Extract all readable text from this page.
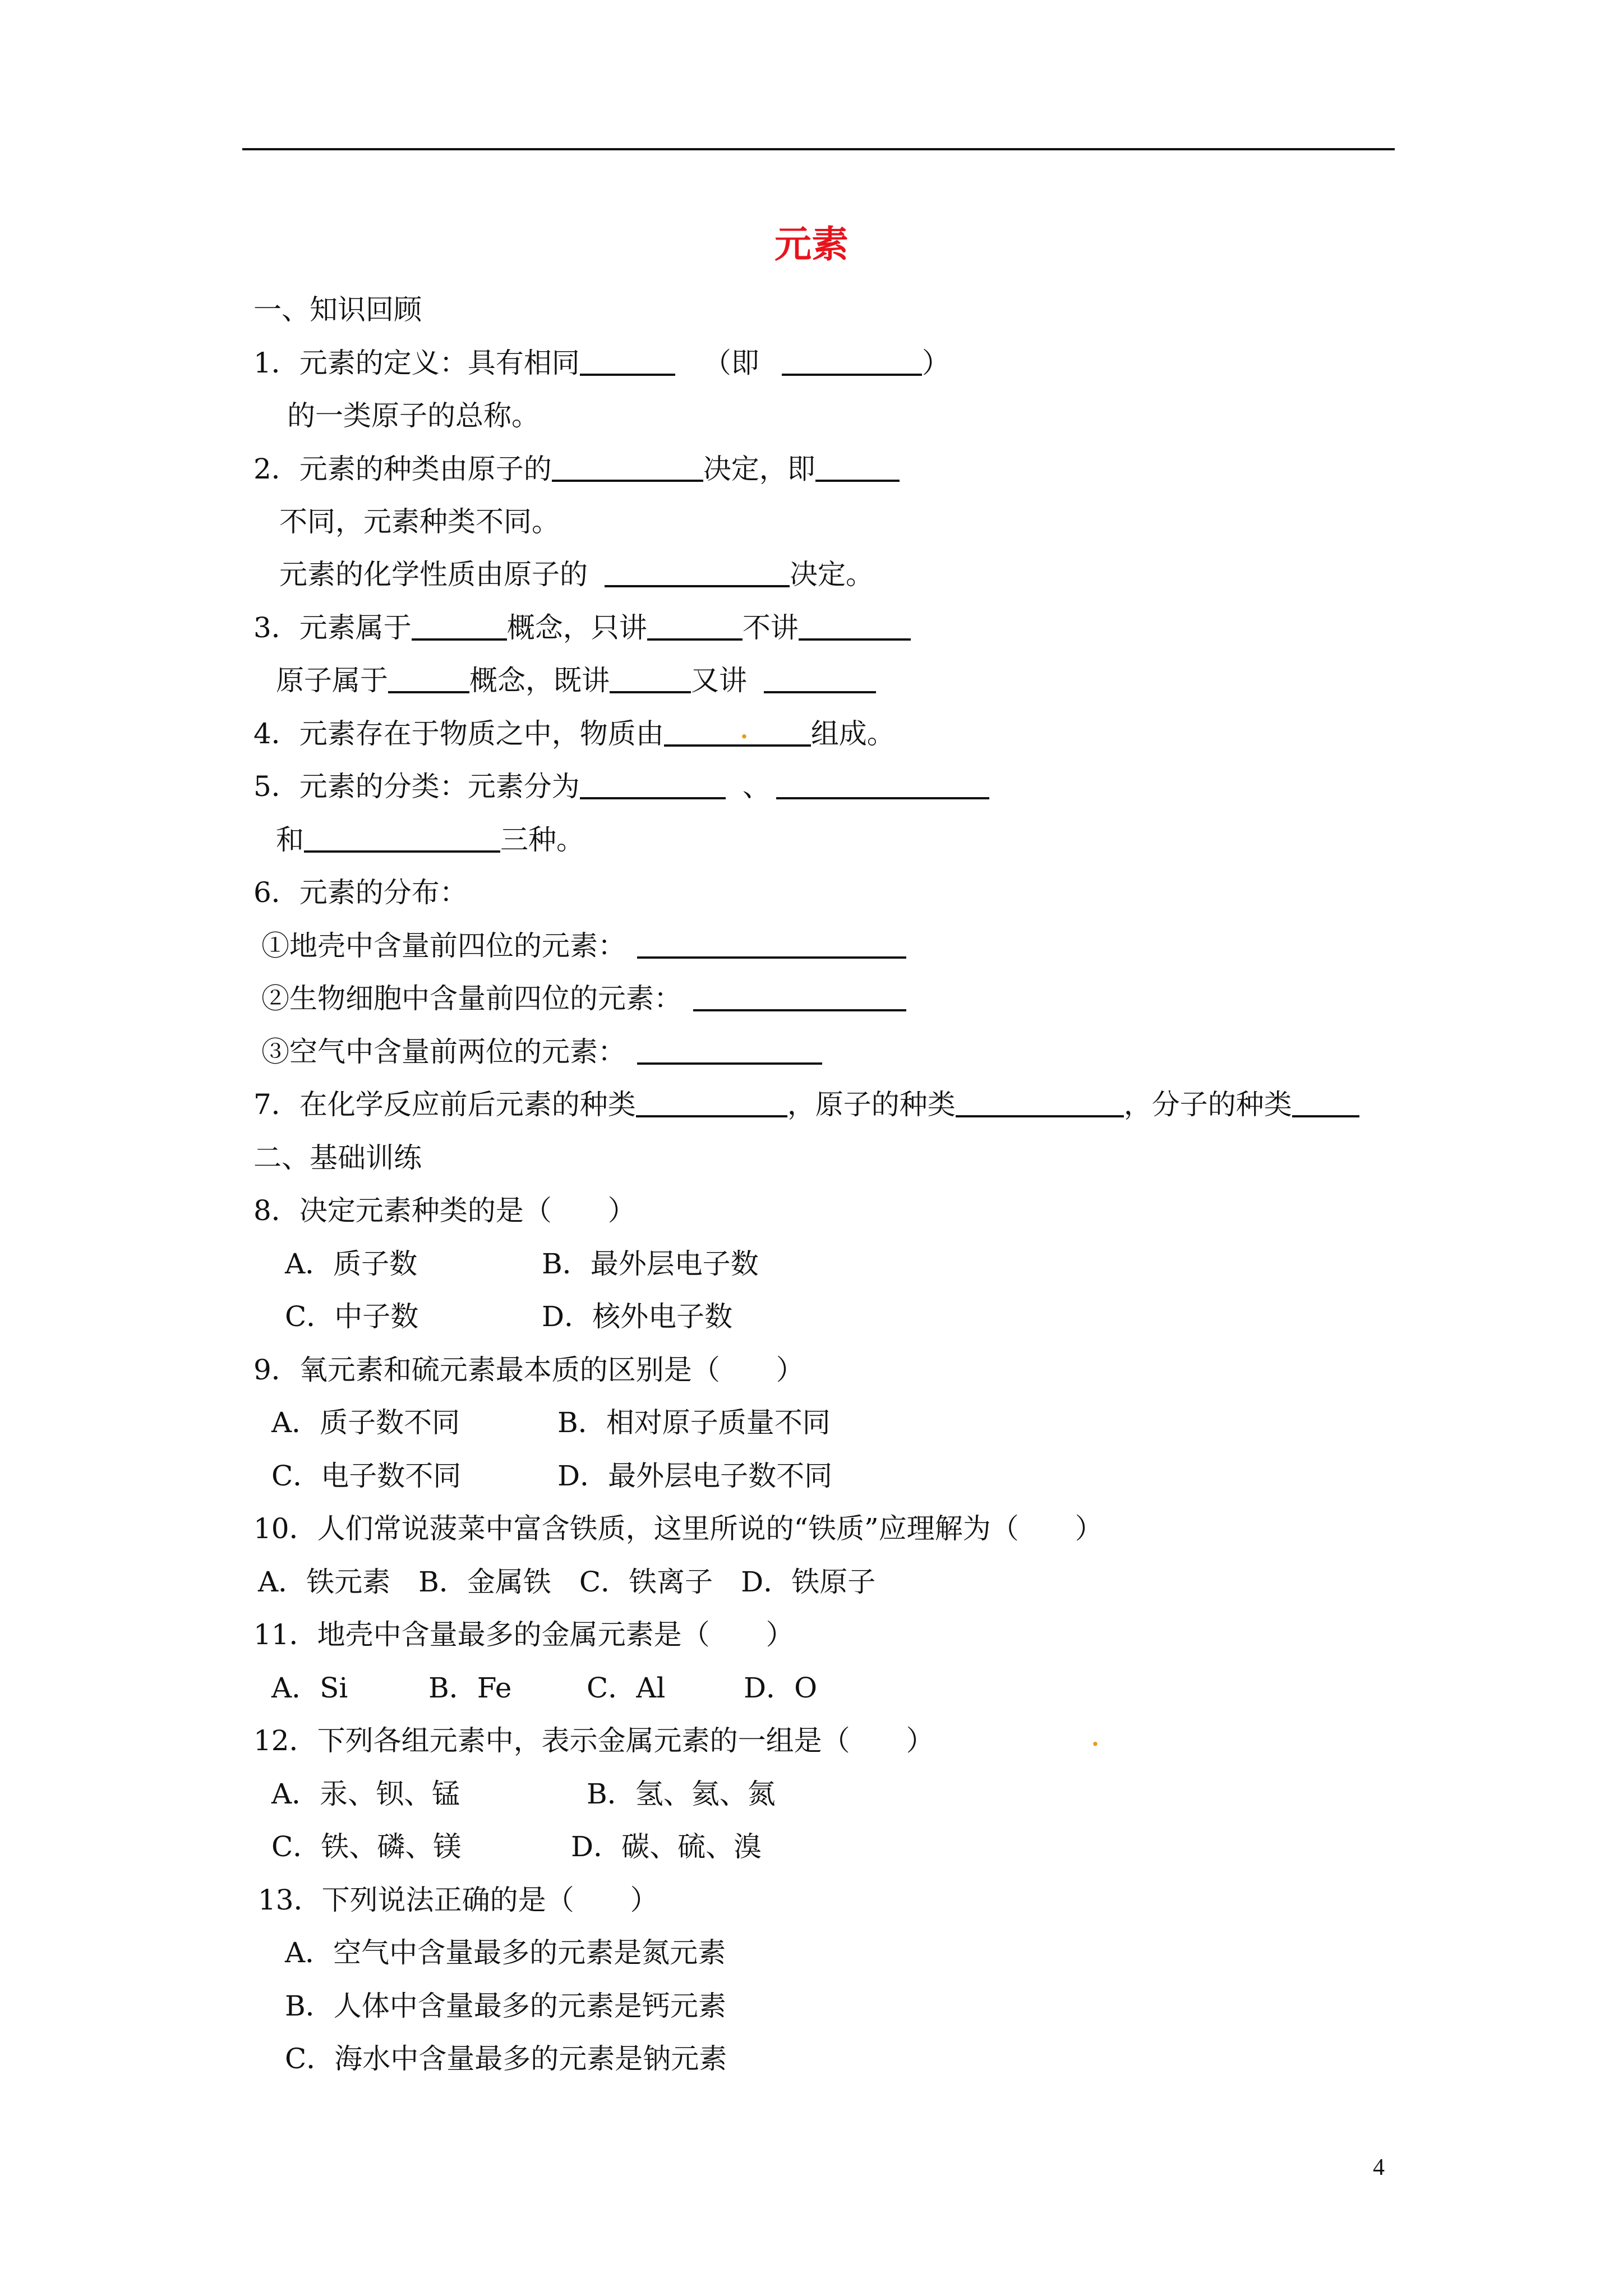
元素
一、知识回顾
1．元素的定义：具有相同	（即	）
的一类原子的总称。
2．元素的种类由原子的	决定，即
不同，元素种类不同。
元素的化学性质由原子的	决定。
3．元素属于	概念，只讲	不讲
原子属于	概念，既讲	又讲
4．元素存在于物质之中，物质由	组成。
·
5．元素的分类：元素分为	、
和	三种。
6．元素的分布：
①地壳中含量前四位的元素：
②生物细胞中含量前四位的元素：
③空气中含量前两位的元素：
7．在化学反应前后元素的种类	，原子的种类	，分子的种类
二、基础训练
8．决定元素种类的是（　　）
A．质子数	B．最外层电子数
C．中子数	D．核外电子数
9．氧元素和硫元素最本质的区别是（　　）
A．质子数不同	B．相对原子质量不同
C．电子数不同	D．最外层电子数不同
10．人们常说菠菜中富含铁质，这里所说的“铁质”应理解为（　　）
A．铁元素　B．金属铁　C．铁离子　D．铁原子
11．地壳中含量最多的金属元素是（　　）
A．Si	B．Fe	C．Al	D．O
12．下列各组元素中，表示金属元素的一组是（　　）	·
A．汞、钡、锰	B．氢、氦、氮
C．铁、磷、镁	D．碳、硫、溴
13．下列说法正确的是（　　）
A．空气中含量最多的元素是氮元素
B．人体中含量最多的元素是钙元素
C．海水中含量最多的元素是钠元素
4
